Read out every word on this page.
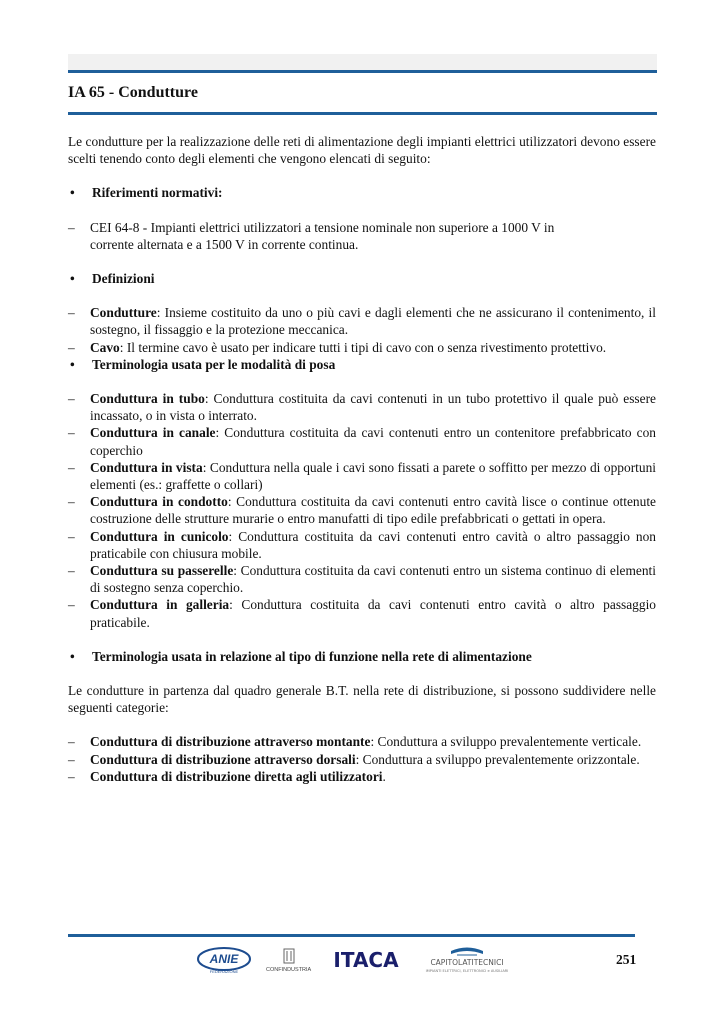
IA 65 - Condutture

Le condutture per la realizzazione delle reti di alimentazione degli impianti elettrici utilizzatori devono essere scelti tenendo conto degli elementi che vengono elencati di seguito:

•	Riferimenti normativi:
–	CEI 64-8 - Impianti elettrici utilizzatori a tensione nominale non superiore a 1000 V in
corrente alternata e a 1500 V in corrente continua.
•	Definizioni
–	Condutture: Insieme costituito da uno o più cavi e dagli elementi che ne assicurano il contenimento, il sostegno, il fissaggio e la protezione meccanica.
–	Cavo: Il termine cavo è usato per indicare tutti i tipi di cavo con o senza rivestimento protettivo.
•	Terminologia usata per le modalità di posa
–	Conduttura in tubo: Conduttura costituita da cavi contenuti in un tubo protettivo il quale può essere incassato, o in vista o interrato.
–	Conduttura in canale: Conduttura costituita da cavi contenuti entro un contenitore prefabbricato con coperchio
–	Conduttura in vista: Conduttura nella quale i cavi sono fissati a parete o soffitto per mezzo di opportuni elementi (es.: graffette o collari)
–	Conduttura in condotto: Conduttura costituita da cavi contenuti entro cavità lisce o continue ottenute costruzione delle strutture murarie o entro manufatti di tipo edile prefabbricati o gettati in opera.
–	Conduttura in cunicolo: Conduttura costituita da cavi contenuti entro cavità o altro passaggio non praticabile con chiusura mobile.
–	Conduttura su passerelle: Conduttura costituita da cavi contenuti entro un sistema continuo di elementi di sostegno senza coperchio.
–	Conduttura in galleria: Conduttura costituita da cavi contenuti entro cavità o altro passaggio praticabile.
•	Terminologia usata in relazione al tipo di funzione nella rete di alimentazione

Le condutture in partenza dal quadro generale B.T. nella rete di distribuzione, si possono suddividere nelle seguenti categorie:

–	Conduttura di distribuzione attraverso montante: Conduttura a sviluppo prevalentemente verticale.
–	Conduttura di distribuzione attraverso dorsali: Conduttura a sviluppo prevalentemente orizzontale.
–	Conduttura di distribuzione diretta agli utilizzatori.
ANIE
FEDERAZIONE	CONFINDUSTRIA ITACA	CAPITOLATITECNICI
IMPIANTI ELETTRICI, ELETTRONICI e AUSILIARI
251
